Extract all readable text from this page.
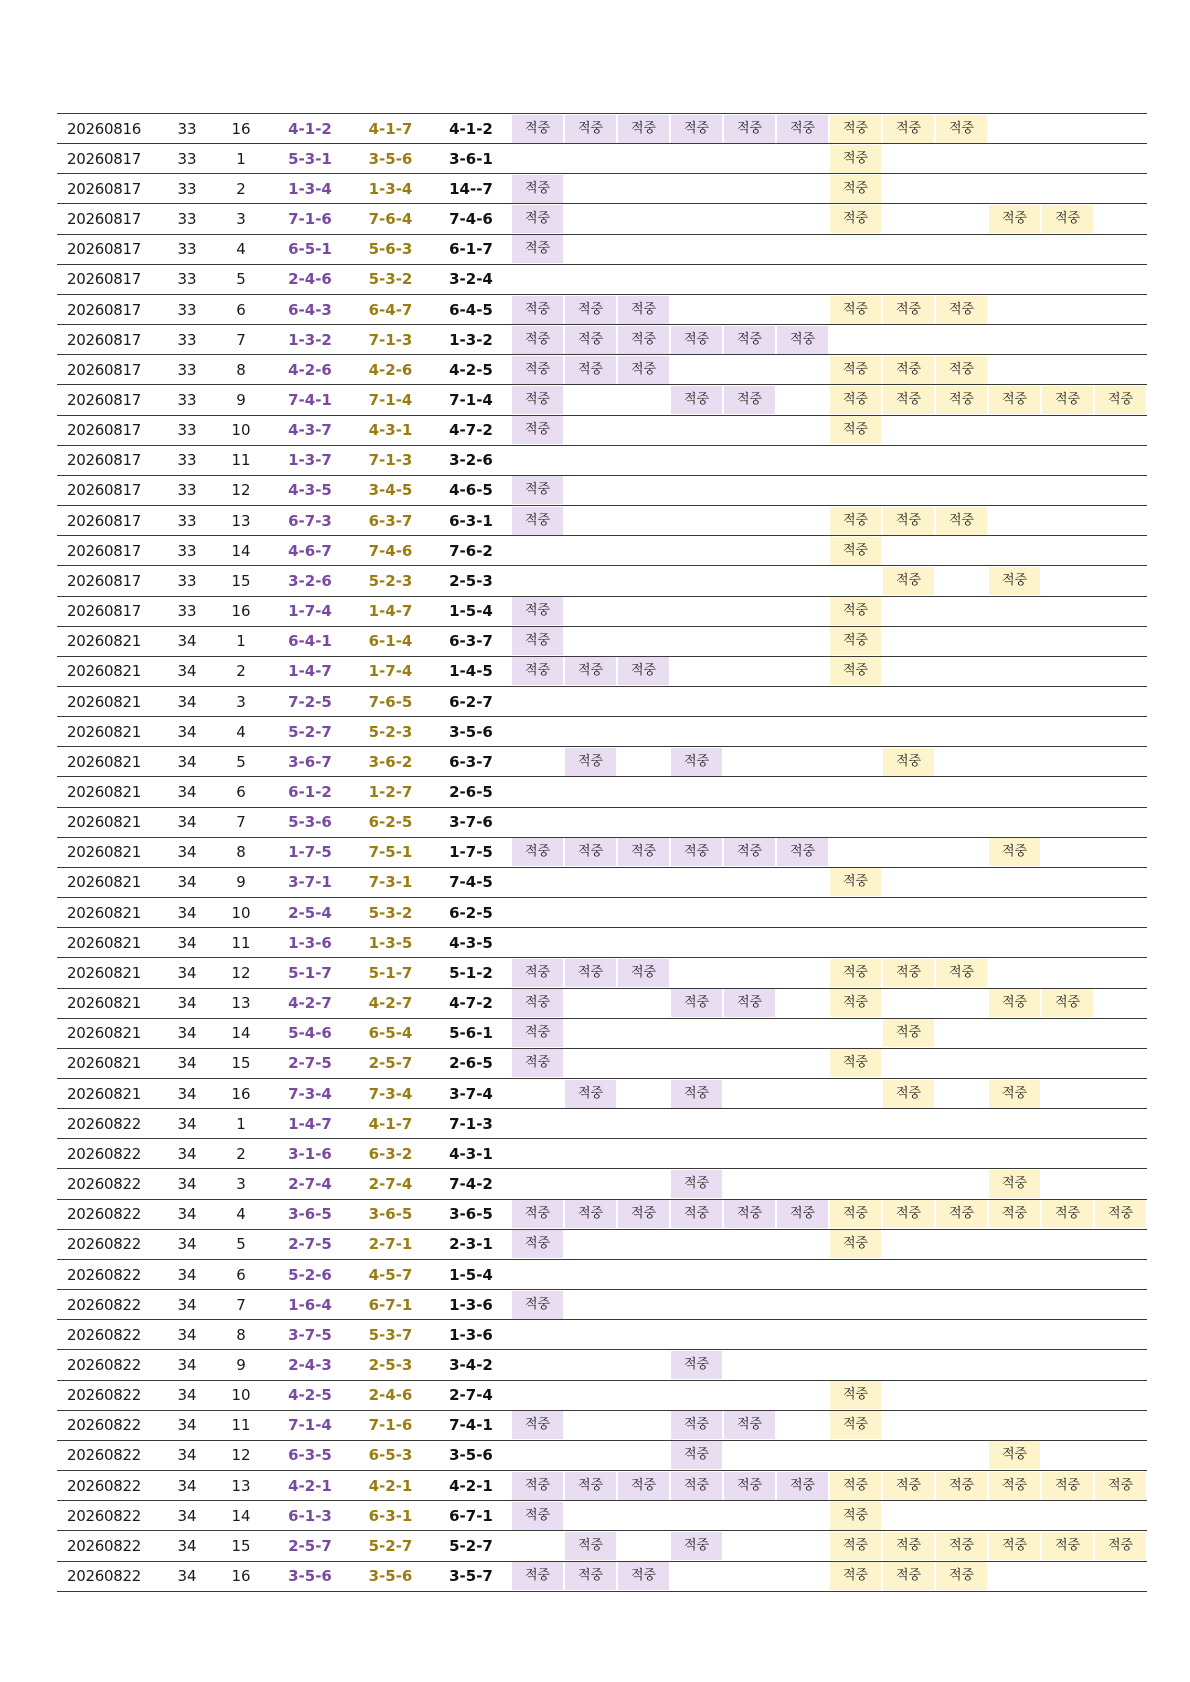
20260816	33	16	4-1-2	4-1-7	4-1-2	적중	적중	적중	적중	적중	적중	적중	적중	적중			

20260817	33	1	5-3-1	3-5-6	3-6-1							적중					

20260817	33	2	1-3-4	1-3-4	14--7	적중						적중					

20260817	33	3	7-1-6	7-6-4	7-4-6	적중						적중			적중	적중	

20260817	33	4	6-5-1	5-6-3	6-1-7	적중											

20260817	33	5	2-4-6	5-3-2	3-2-4	

20260817	33	6	6-4-3	6-4-7	6-4-5	적중	적중	적중				적중	적중	적중			

20260817	33	7	1-3-2	7-1-3	1-3-2	적중	적중	적중	적중	적중	적중						

20260817	33	8	4-2-6	4-2-6	4-2-5	적중	적중	적중				적중	적중	적중			

20260817	33	9	7-4-1	7-1-4	7-1-4	적중			적중	적중		적중	적중	적중	적중	적중	적중

20260817	33	10	4-3-7	4-3-1	4-7-2	적중						적중					

20260817	33	11	1-3-7	7-1-3	3-2-6	

20260817	33	12	4-3-5	3-4-5	4-6-5	적중											

20260817	33	13	6-7-3	6-3-7	6-3-1	적중						적중	적중	적중			

20260817	33	14	4-6-7	7-4-6	7-6-2							적중					

20260817	33	15	3-2-6	5-2-3	2-5-3								적중		적중		

20260817	33	16	1-7-4	1-4-7	1-5-4	적중						적중					

20260821	34	1	6-4-1	6-1-4	6-3-7	적중						적중					

20260821	34	2	1-4-7	1-7-4	1-4-5	적중	적중	적중				적중					

20260821	34	3	7-2-5	7-6-5	6-2-7	

20260821	34	4	5-2-7	5-2-3	3-5-6	

20260821	34	5	3-6-7	3-6-2	6-3-7		적중		적중				적중				

20260821	34	6	6-1-2	1-2-7	2-6-5	

20260821	34	7	5-3-6	6-2-5	3-7-6	

20260821	34	8	1-7-5	7-5-1	1-7-5	적중	적중	적중	적중	적중	적중				적중		

20260821	34	9	3-7-1	7-3-1	7-4-5							적중					

20260821	34	10	2-5-4	5-3-2	6-2-5	

20260821	34	11	1-3-6	1-3-5	4-3-5	

20260821	34	12	5-1-7	5-1-7	5-1-2	적중	적중	적중				적중	적중	적중			

20260821	34	13	4-2-7	4-2-7	4-7-2	적중			적중	적중		적중			적중	적중	

20260821	34	14	5-4-6	6-5-4	5-6-1	적중							적중				

20260821	34	15	2-7-5	2-5-7	2-6-5	적중						적중					

20260821	34	16	7-3-4	7-3-4	3-7-4		적중		적중				적중		적중		

20260822	34	1	1-4-7	4-1-7	7-1-3	

20260822	34	2	3-1-6	6-3-2	4-3-1	

20260822	34	3	2-7-4	2-7-4	7-4-2				적중						적중		

20260822	34	4	3-6-5	3-6-5	3-6-5	적중	적중	적중	적중	적중	적중	적중	적중	적중	적중	적중	적중

20260822	34	5	2-7-5	2-7-1	2-3-1	적중						적중					

20260822	34	6	5-2-6	4-5-7	1-5-4	

20260822	34	7	1-6-4	6-7-1	1-3-6	적중											

20260822	34	8	3-7-5	5-3-7	1-3-6	

20260822	34	9	2-4-3	2-5-3	3-4-2				적중								

20260822	34	10	4-2-5	2-4-6	2-7-4							적중					

20260822	34	11	7-1-4	7-1-6	7-4-1	적중			적중	적중		적중					

20260822	34	12	6-3-5	6-5-3	3-5-6				적중						적중		

20260822	34	13	4-2-1	4-2-1	4-2-1	적중	적중	적중	적중	적중	적중	적중	적중	적중	적중	적중	적중

20260822	34	14	6-1-3	6-3-1	6-7-1	적중						적중					

20260822	34	15	2-5-7	5-2-7	5-2-7		적중		적중			적중	적중	적중	적중	적중	적중

20260822	34	16	3-5-6	3-5-6	3-5-7	적중	적중	적중				적중	적중	적중			
